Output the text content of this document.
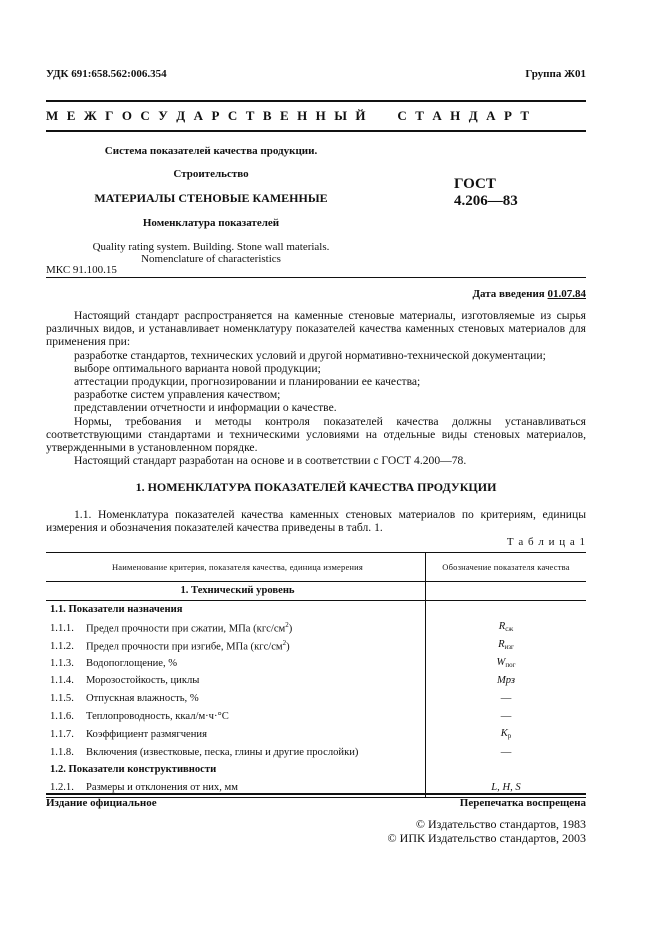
УДК 691:658.562:006.354	Группа Ж01
М Е Ж Г О С У Д А Р С Т В Е Н Н Ы Й     С Т А Н Д А Р Т
Система показателей качества продукции.
Строительство
МАТЕРИАЛЫ СТЕНОВЫЕ КАМЕННЫЕ
Номенклатура показателей
Quality rating system. Building. Stone wall materials.
Nomenclature of characteristics
ГОСТ
4.206—83
МКС 91.100.15
Дата введения 01.07.84

Настоящий стандарт распространяется на каменные стеновые материалы, изготовляемые из сырья различных видов, и устанавливает номенклатуру показателей качества каменных стеновых материалов для применения при:

разработке стандартов, технических условий и другой нормативно-технической документации;

выборе оптимального варианта новой продукции;

аттестации продукции, прогнозировании и планировании ее качества;

разработке систем управления качеством;

представлении отчетности и информации о качестве.

Нормы, требования и методы контроля показателей качества должны устанавливаться соответствующими стандартами и техническими условиями на отдельные виды стеновых материалов, утвержденными в установленном порядке.

Настоящий стандарт разработан на основе и в соответствии с ГОСТ 4.200—78.

1. НОМЕНКЛАТУРА ПОКАЗАТЕЛЕЙ КАЧЕСТВА ПРОДУКЦИИ

1.1. Номенклатура показателей качества каменных стеновых материалов по критериям, единицы измерения и обозначения показателей качества приведены в табл. 1.

Т а б л и ц а 1
Наименование критерия, показателя качества, единица измерения	Обозначение показателя качества
1. Технический уровень	
1.1. Показатели назначения	
1.1.1. Предел прочности при сжатии, МПа $(кгс/см^2)$	$R_{сж}$
1.1.2. Предел прочности при изгибе, МПа $(кгс/см^2)$	$R_{изг}$
1.1.3. Водопоглощение, %	$W_{пог}$
1.1.4. Морозостойкость, циклы	Мрз
1.1.5. Отпускная влажность, %	—
1.1.6. Теплопроводность, ккал/м·ч·°С	—
1.1.7. Коэффициент размягчения	$K_р$
1.1.8. Включения (известковые, песка, глины и другие прослойки)	—
1.2. Показатели конструктивности	
1.2.1. Размеры и отклонения от них, мм	L, H, S
Издание официальное	Перепечатка воспрещена
© Издательство стандартов, 1983
© ИПК Издательство стандартов, 2003
